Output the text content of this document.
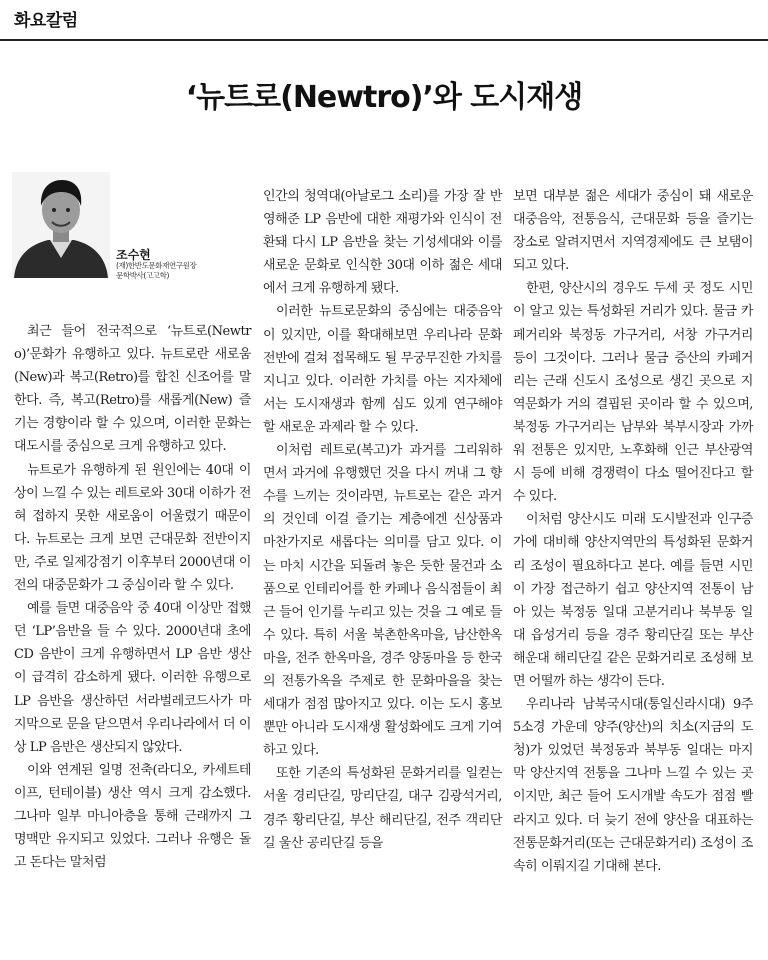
화요칼럼
‘뉴트로(Newtro)’와 도시재생
조수현
(재)한반도문화재연구원장
문학박사(고고학)

최근 들어 전국적으로 ‘뉴트로(Newtro)’문화가 유행하고 있다. 뉴트로란 새로움(New)과 복고(Retro)를 합친 신조어를 말한다. 즉, 복고(Retro)를 새롭게(New) 즐기는 경향이라 할 수 있으며, 이러한 문화는 대도시를 중심으로 크게 유행하고 있다.

뉴트로가 유행하게 된 원인에는 40대 이상이 느낄 수 있는 레트로와 30대 이하가 전혀 접하지 못한 새로움이 어울렸기 때문이다. 뉴트로는 크게 보면 근대문화 전반이지만, 주로 일제강점기 이후부터 2000년대 이전의 대중문화가 그 중심이라 할 수 있다.

예를 들면 대중음악 중 40대 이상만 접했던 ‘LP’음반을 들 수 있다. 2000년대 초에 CD 음반이 크게 유행하면서 LP 음반 생산이 급격히 감소하게 됐다. 이러한 유행으로 LP 음반을 생산하던 서라벌레코드사가 마지막으로 문을 닫으면서 우리나라에서 더 이상 LP 음반은 생산되지 않았다.

이와 연계된 일명 전축(라디오, 카세트테이프, 턴테이블) 생산 역시 크게 감소했다. 그나마 일부 마니아층을 통해 근래까지 그 명맥만 유지되고 있었다. 그러나 유행은 돌고 돈다는 말처럼

인간의 청역대(아날로그 소리)를 가장 잘 반영해준 LP 음반에 대한 재평가와 인식이 전환돼 다시 LP 음반을 찾는 기성세대와 이를 새로운 문화로 인식한 30대 이하 젊은 세대에서 크게 유행하게 됐다.

이러한 뉴트로문화의 중심에는 대중음악이 있지만, 이를 확대해보면 우리나라 문화 전반에 걸쳐 접목해도 될 무궁무진한 가치를 지니고 있다. 이러한 가치를 아는 지자체에서는 도시재생과 함께 심도 있게 연구해야 할 새로운 과제라 할 수 있다.

이처럼 레트로(복고)가 과거를 그리워하면서 과거에 유행했던 것을 다시 꺼내 그 향수를 느끼는 것이라면, 뉴트로는 같은 과거의 것인데 이걸 즐기는 계층에겐 신상품과 마찬가지로 새롭다는 의미를 담고 있다. 이는 마치 시간을 되돌려 놓은 듯한 물건과 소품으로 인테리어를 한 카페나 음식점들이 최근 들어 인기를 누리고 있는 것을 그 예로 들 수 있다. 특히 서울 북촌한옥마을, 남산한옥마을, 전주 한옥마을, 경주 양동마을 등 한국의 전통가옥을 주제로 한 문화마을을 찾는 세대가 점점 많아지고 있다. 이는 도시 홍보뿐만 아니라 도시재생 활성화에도 크게 기여하고 있다.

또한 기존의 특성화된 문화거리를 일컫는 서울 경리단길, 망리단길, 대구 김광석거리, 경주 황리단길, 부산 해리단길, 전주 객리단길 울산 공리단길 등을

보면 대부분 젊은 세대가 중심이 돼 새로운 대중음악, 전통음식, 근대문화 등을 즐기는 장소로 알려지면서 지역경제에도 큰 보탬이 되고 있다.

한편, 양산시의 경우도 두세 곳 정도 시민이 알고 있는 특성화된 거리가 있다. 물금 카페거리와 북정동 가구거리, 서창 가구거리 등이 그것이다. 그러나 물금 증산의 카페거리는 근래 신도시 조성으로 생긴 곳으로 지역문화가 거의 결핍된 곳이라 할 수 있으며, 북정동 가구거리는 남부와 북부시장과 가까워 전통은 있지만, 노후화해 인근 부산광역시 등에 비해 경쟁력이 다소 떨어진다고 할 수 있다.

이처럼 양산시도 미래 도시발전과 인구증가에 대비해 양산지역만의 특성화된 문화거리 조성이 필요하다고 본다. 예를 들면 시민이 가장 접근하기 쉽고 양산지역 전통이 남아 있는 북정동 일대 고분거리나 북부동 일대 읍성거리 등을 경주 황리단길 또는 부산 해운대 해리단길 같은 문화거리로 조성해 보면 어떨까 하는 생각이 든다.

우리나라 남북국시대(통일신라시대) 9주 5소경 가운데 양주(양산)의 치소(지금의 도청)가 있었던 북정동과 북부동 일대는 마지막 양산지역 전통을 그나마 느낄 수 있는 곳이지만, 최근 들어 도시개발 속도가 점점 빨라지고 있다. 더 늦기 전에 양산을 대표하는 전통문화거리(또는 근대문화거리) 조성이 조속히 이뤄지길 기대해 본다.
